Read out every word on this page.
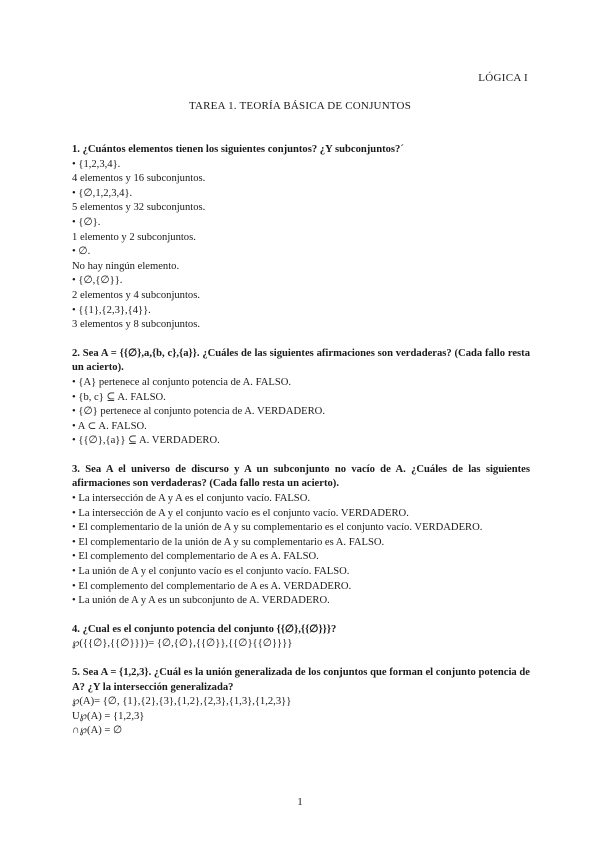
LÓGICA I
TAREA 1. TEORÍA BÁSICA DE CONJUNTOS
1. ¿Cuántos elementos tienen los siguientes conjuntos? ¿Y subconjuntos?´
• {1,2,3,4}.
4 elementos y 16 subconjuntos.
• {∅,1,2,3,4}.
5 elementos y 32 subconjuntos.
• {∅}.
1 elemento y 2 subconjuntos.
• ∅.
No hay ningún elemento.
• {∅,{∅}}.
2 elementos y 4 subconjuntos.
• {{1},{2,3},{4}}.
3 elementos y 8 subconjuntos.
2. Sea A = {{∅},a,{b, c},{a}}. ¿Cuáles de las siguientes afirmaciones son verdaderas? (Cada fallo resta un acierto).
• {A} pertenece al conjunto potencia de A. FALSO.
• {b, c} ⊆ A. FALSO.
• {∅} pertenece al conjunto potencia de A. VERDADERO.
• A ⊂ A. FALSO.
• {{∅},{a}} ⊆ A. VERDADERO.
3. Sea A el universo de discurso y A un subconjunto no vacío de A. ¿Cuáles de las siguientes afirmaciones son verdaderas? (Cada fallo resta un acierto).
• La intersección de A y A es el conjunto vacío. FALSO.
• La intersección de A y el conjunto vacío es el conjunto vacío. VERDADERO.
• El complementario de la unión de A y su complementario es el conjunto vacío. VERDADERO.
• El complementario de la unión de A y su complementario es A. FALSO.
• El complemento del complementario de A es A. FALSO.
• La unión de A y el conjunto vacío es el conjunto vacío. FALSO.
• El complemento del complementario de A es A. VERDADERO.
• La unión de A y A es un subconjunto de A. VERDADERO.
4. ¿Cual es el conjunto potencia del conjunto {{∅},{{∅}}}?
℘({{∅},{{∅}}})= {∅,{∅},{{∅}},{{∅}{{∅}}}}
5. Sea A = {1,2,3}. ¿Cuál es la unión generalizada de los conjuntos que forman el conjunto potencia de A? ¿Y la intersección generalizada?
℘(A)= {∅, {1},{2},{3},{1,2},{2,3},{1,3},{1,2,3}}
U℘(A) = {1,2,3}
∩℘(A) = ∅
1
